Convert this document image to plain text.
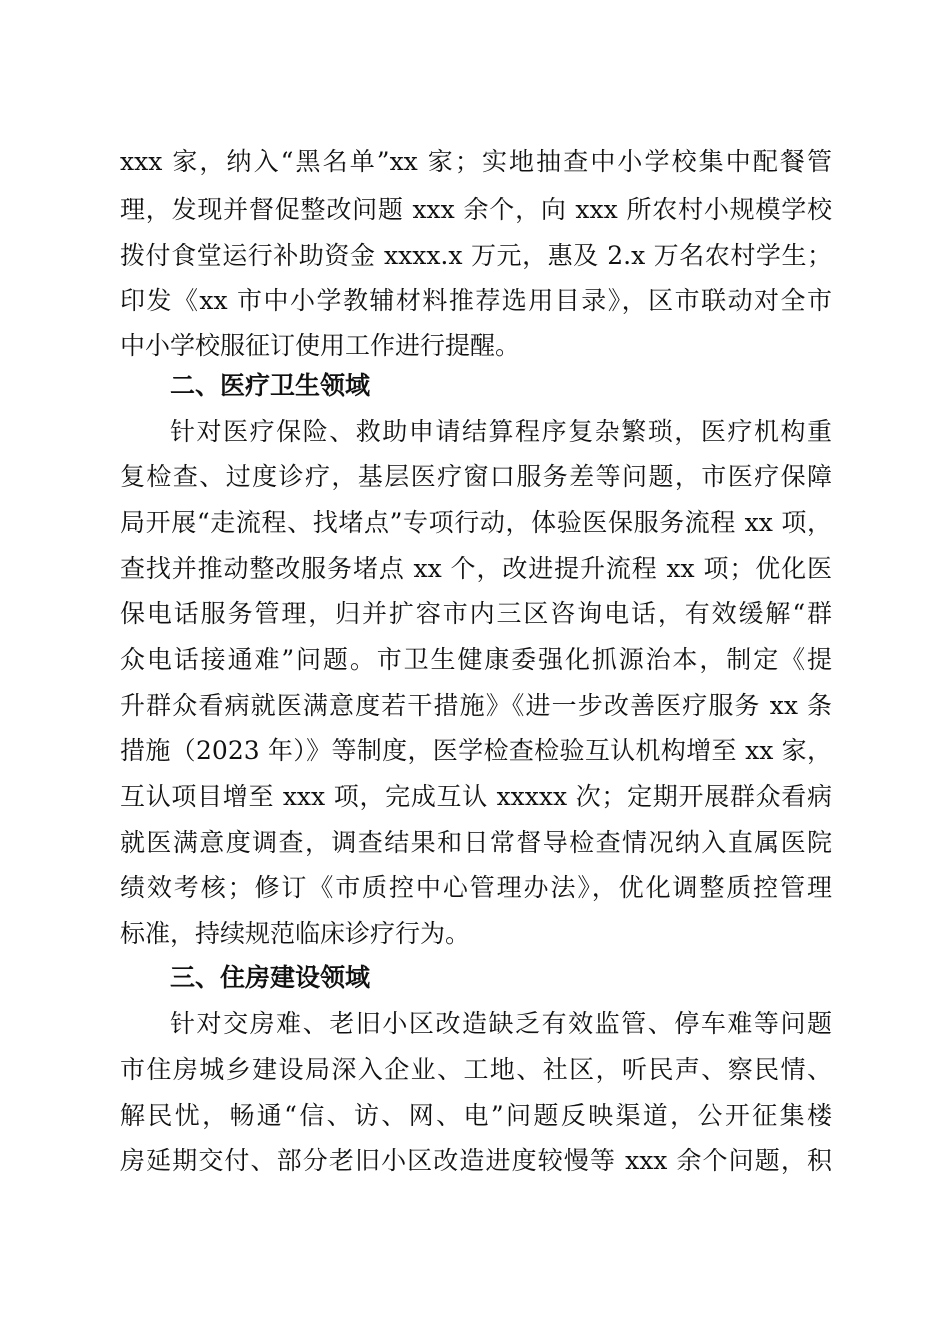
xxx 家，纳入“黑名单”xx 家；实地抽查中小学校集中配餐管
理，发现并督促整改问题 xxx 余个，向 xxx 所农村小规模学校
拨付食堂运行补助资金 xxxx.x 万元，惠及 2.x 万名农村学生；
印发《xx 市中小学教辅材料推荐选用目录》，区市联动对全市
中小学校服征订使用工作进行提醒。
二、医疗卫生领域
针对医疗保险、救助申请结算程序复杂繁琐，医疗机构重
复检查、过度诊疗，基层医疗窗口服务差等问题，市医疗保障
局开展“走流程、找堵点”专项行动，体验医保服务流程 xx 项，
查找并推动整改服务堵点 xx 个，改进提升流程 xx 项；优化医
保电话服务管理，归并扩容市内三区咨询电话，有效缓解“群
众电话接通难”问题。市卫生健康委强化抓源治本，制定《提
升群众看病就医满意度若干措施》《进一步改善医疗服务 xx 条
措施（2023 年）》等制度，医学检查检验互认机构增至 xx 家，
互认项目增至 xxx 项，完成互认 xxxxx 次；定期开展群众看病
就医满意度调查，调查结果和日常督导检查情况纳入直属医院
绩效考核；修订《市质控中心管理办法》，优化调整质控管理
标准，持续规范临床诊疗行为。
三、住房建设领域
针对交房难、老旧小区改造缺乏有效监管、停车难等问题
市住房城乡建设局深入企业、工地、社区，听民声、察民情、
解民忧，畅通“信、访、网、电”问题反映渠道，公开征集楼
房延期交付、部分老旧小区改造进度较慢等 xxx 余个问题，积
